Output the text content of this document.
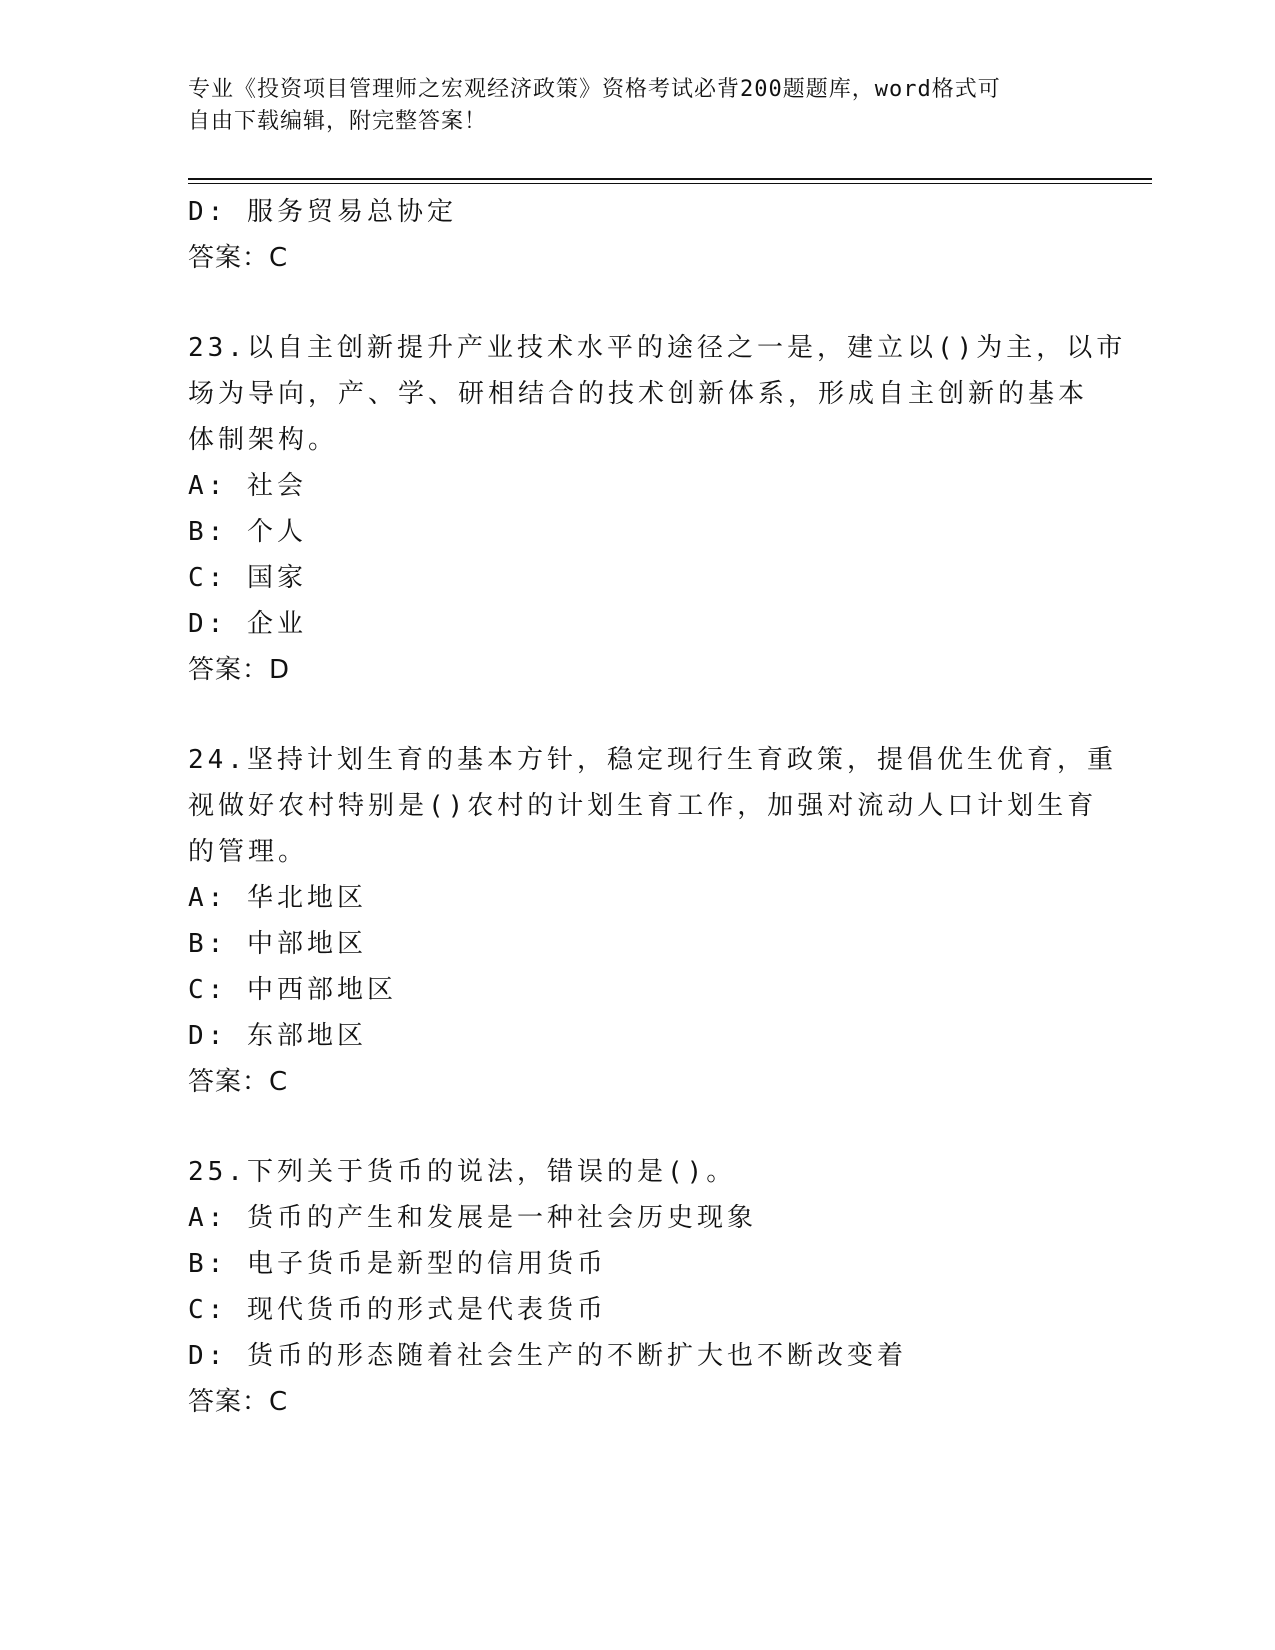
专业《投资项目管理师之宏观经济政策》资格考试必背200题题库，word格式可
自由下载编辑，附完整答案！
D: 服务贸易总协定
答案：C
23.以自主创新提升产业技术水平的途径之一是，建立以()为主，以市
场为导向，产、学、研相结合的技术创新体系，形成自主创新的基本
体制架构。
A: 社会
B: 个人
C: 国家
D: 企业
答案：D
24.坚持计划生育的基本方针，稳定现行生育政策，提倡优生优育，重
视做好农村特别是()农村的计划生育工作，加强对流动人口计划生育
的管理。
A: 华北地区
B: 中部地区
C: 中西部地区
D: 东部地区
答案：C
25.下列关于货币的说法，错误的是()。
A: 货币的产生和发展是一种社会历史现象
B: 电子货币是新型的信用货币
C: 现代货币的形式是代表货币
D: 货币的形态随着社会生产的不断扩大也不断改变着
答案：C
